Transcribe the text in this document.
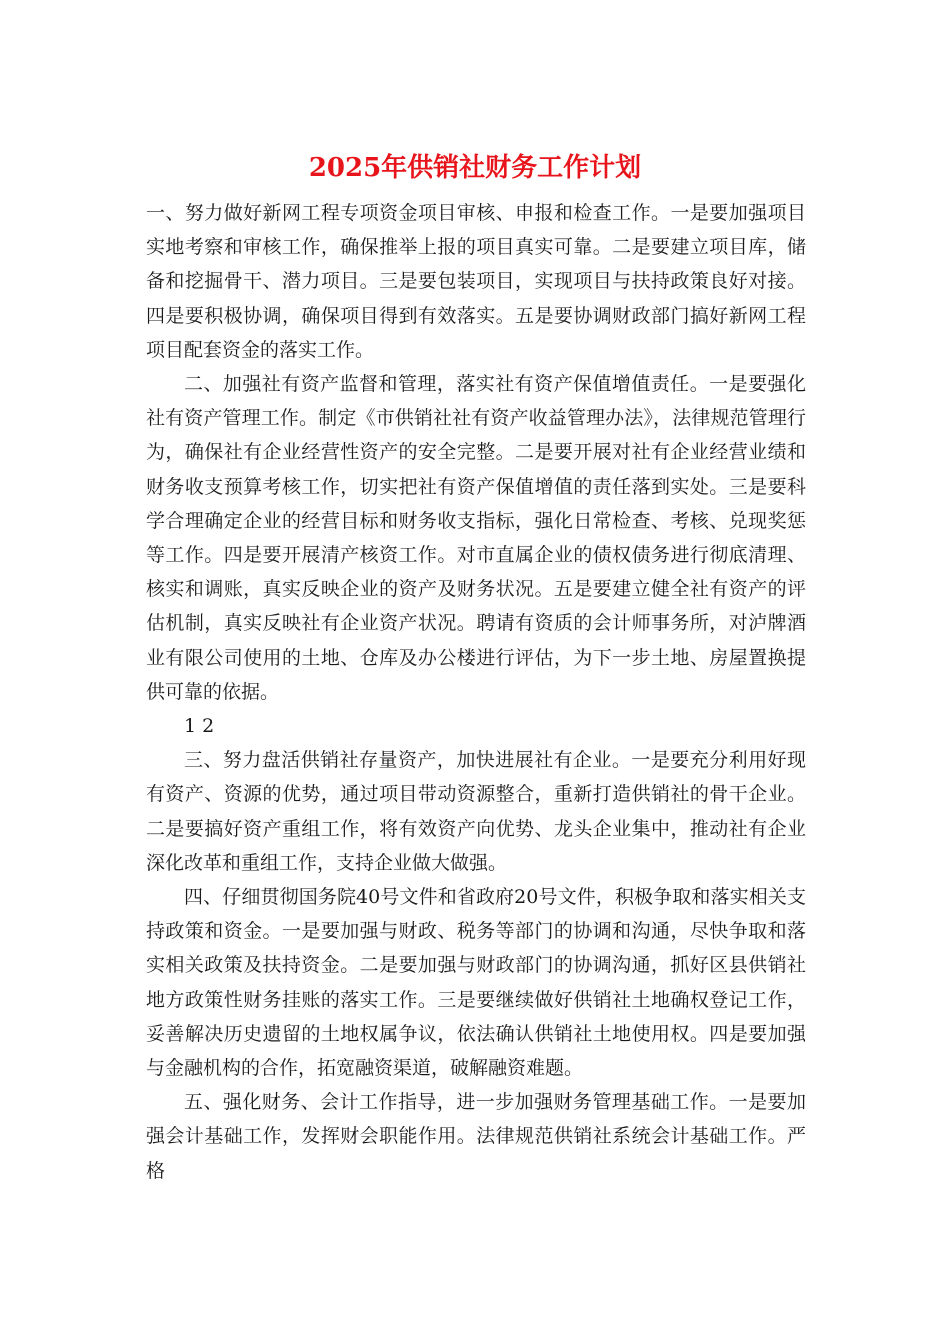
2025年供销社财务工作计划

一、努力做好新网工程专项资金项目审核、申报和检查工作。一是要加强项目实地考察和审核工作，确保推举上报的项目真实可靠。二是要建立项目库，储备和挖掘骨干、潜力项目。三是要包装项目，实现项目与扶持政策良好对接。四是要积极协调，确保项目得到有效落实。五是要协调财政部门搞好新网工程项目配套资金的落实工作。

二、加强社有资产监督和管理，落实社有资产保值增值责任。一是要强化社有资产管理工作。制定《市供销社社有资产收益管理办法》，法律规范管理行为，确保社有企业经营性资产的安全完整。二是要开展对社有企业经营业绩和财务收支预算考核工作，切实把社有资产保值增值的责任落到实处。三是要科学合理确定企业的经营目标和财务收支指标，强化日常检查、考核、兑现奖惩等工作。四是要开展清产核资工作。对市直属企业的债权债务进行彻底清理、核实和调账，真实反映企业的资产及财务状况。五是要建立健全社有资产的评估机制，真实反映社有企业资产状况。聘请有资质的会计师事务所，对泸牌酒业有限公司使用的土地、仓库及办公楼进行评估，为下一步土地、房屋置换提供可靠的依据。

1 2

三、努力盘活供销社存量资产，加快进展社有企业。一是要充分利用好现有资产、资源的优势，通过项目带动资源整合，重新打造供销社的骨干企业。二是要搞好资产重组工作，将有效资产向优势、龙头企业集中，推动社有企业深化改革和重组工作，支持企业做大做强。

四、仔细贯彻国务院40号文件和省政府20号文件，积极争取和落实相关支持政策和资金。一是要加强与财政、税务等部门的协调和沟通，尽快争取和落实相关政策及扶持资金。二是要加强与财政部门的协调沟通，抓好区县供销社地方政策性财务挂账的落实工作。三是要继续做好供销社土地确权登记工作，妥善解决历史遗留的土地权属争议，依法确认供销社土地使用权。四是要加强与金融机构的合作，拓宽融资渠道，破解融资难题。

五、强化财务、会计工作指导，进一步加强财务管理基础工作。一是要加强会计基础工作，发挥财会职能作用。法律规范供销社系统会计基础工作。严格
